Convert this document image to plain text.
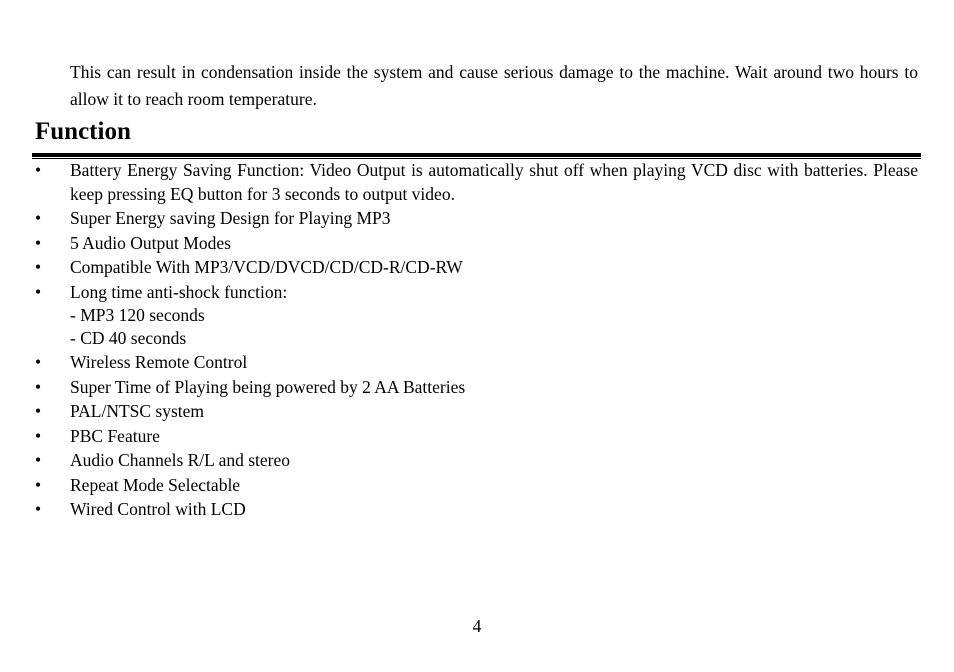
This can result in condensation inside the system and cause serious damage to the machine. Wait around two hours to allow it to reach room temperature.

Function
• Battery Energy Saving Function: Video Output is automatically shut off when playing VCD disc with batteries. Please keep pressing EQ button for 3 seconds to output video.
• Super Energy saving Design for Playing MP3
• 5 Audio Output Modes
• Compatible With MP3/VCD/DVCD/CD/CD-R/CD-RW
• Long time anti-shock function:
- MP3 120 seconds
- CD 40 seconds
• Wireless Remote Control
• Super Time of Playing being powered by 2 AA Batteries
• PAL/NTSC system
• PBC Feature
• Audio Channels R/L and stereo
• Repeat Mode Selectable
• Wired Control with LCD
4
